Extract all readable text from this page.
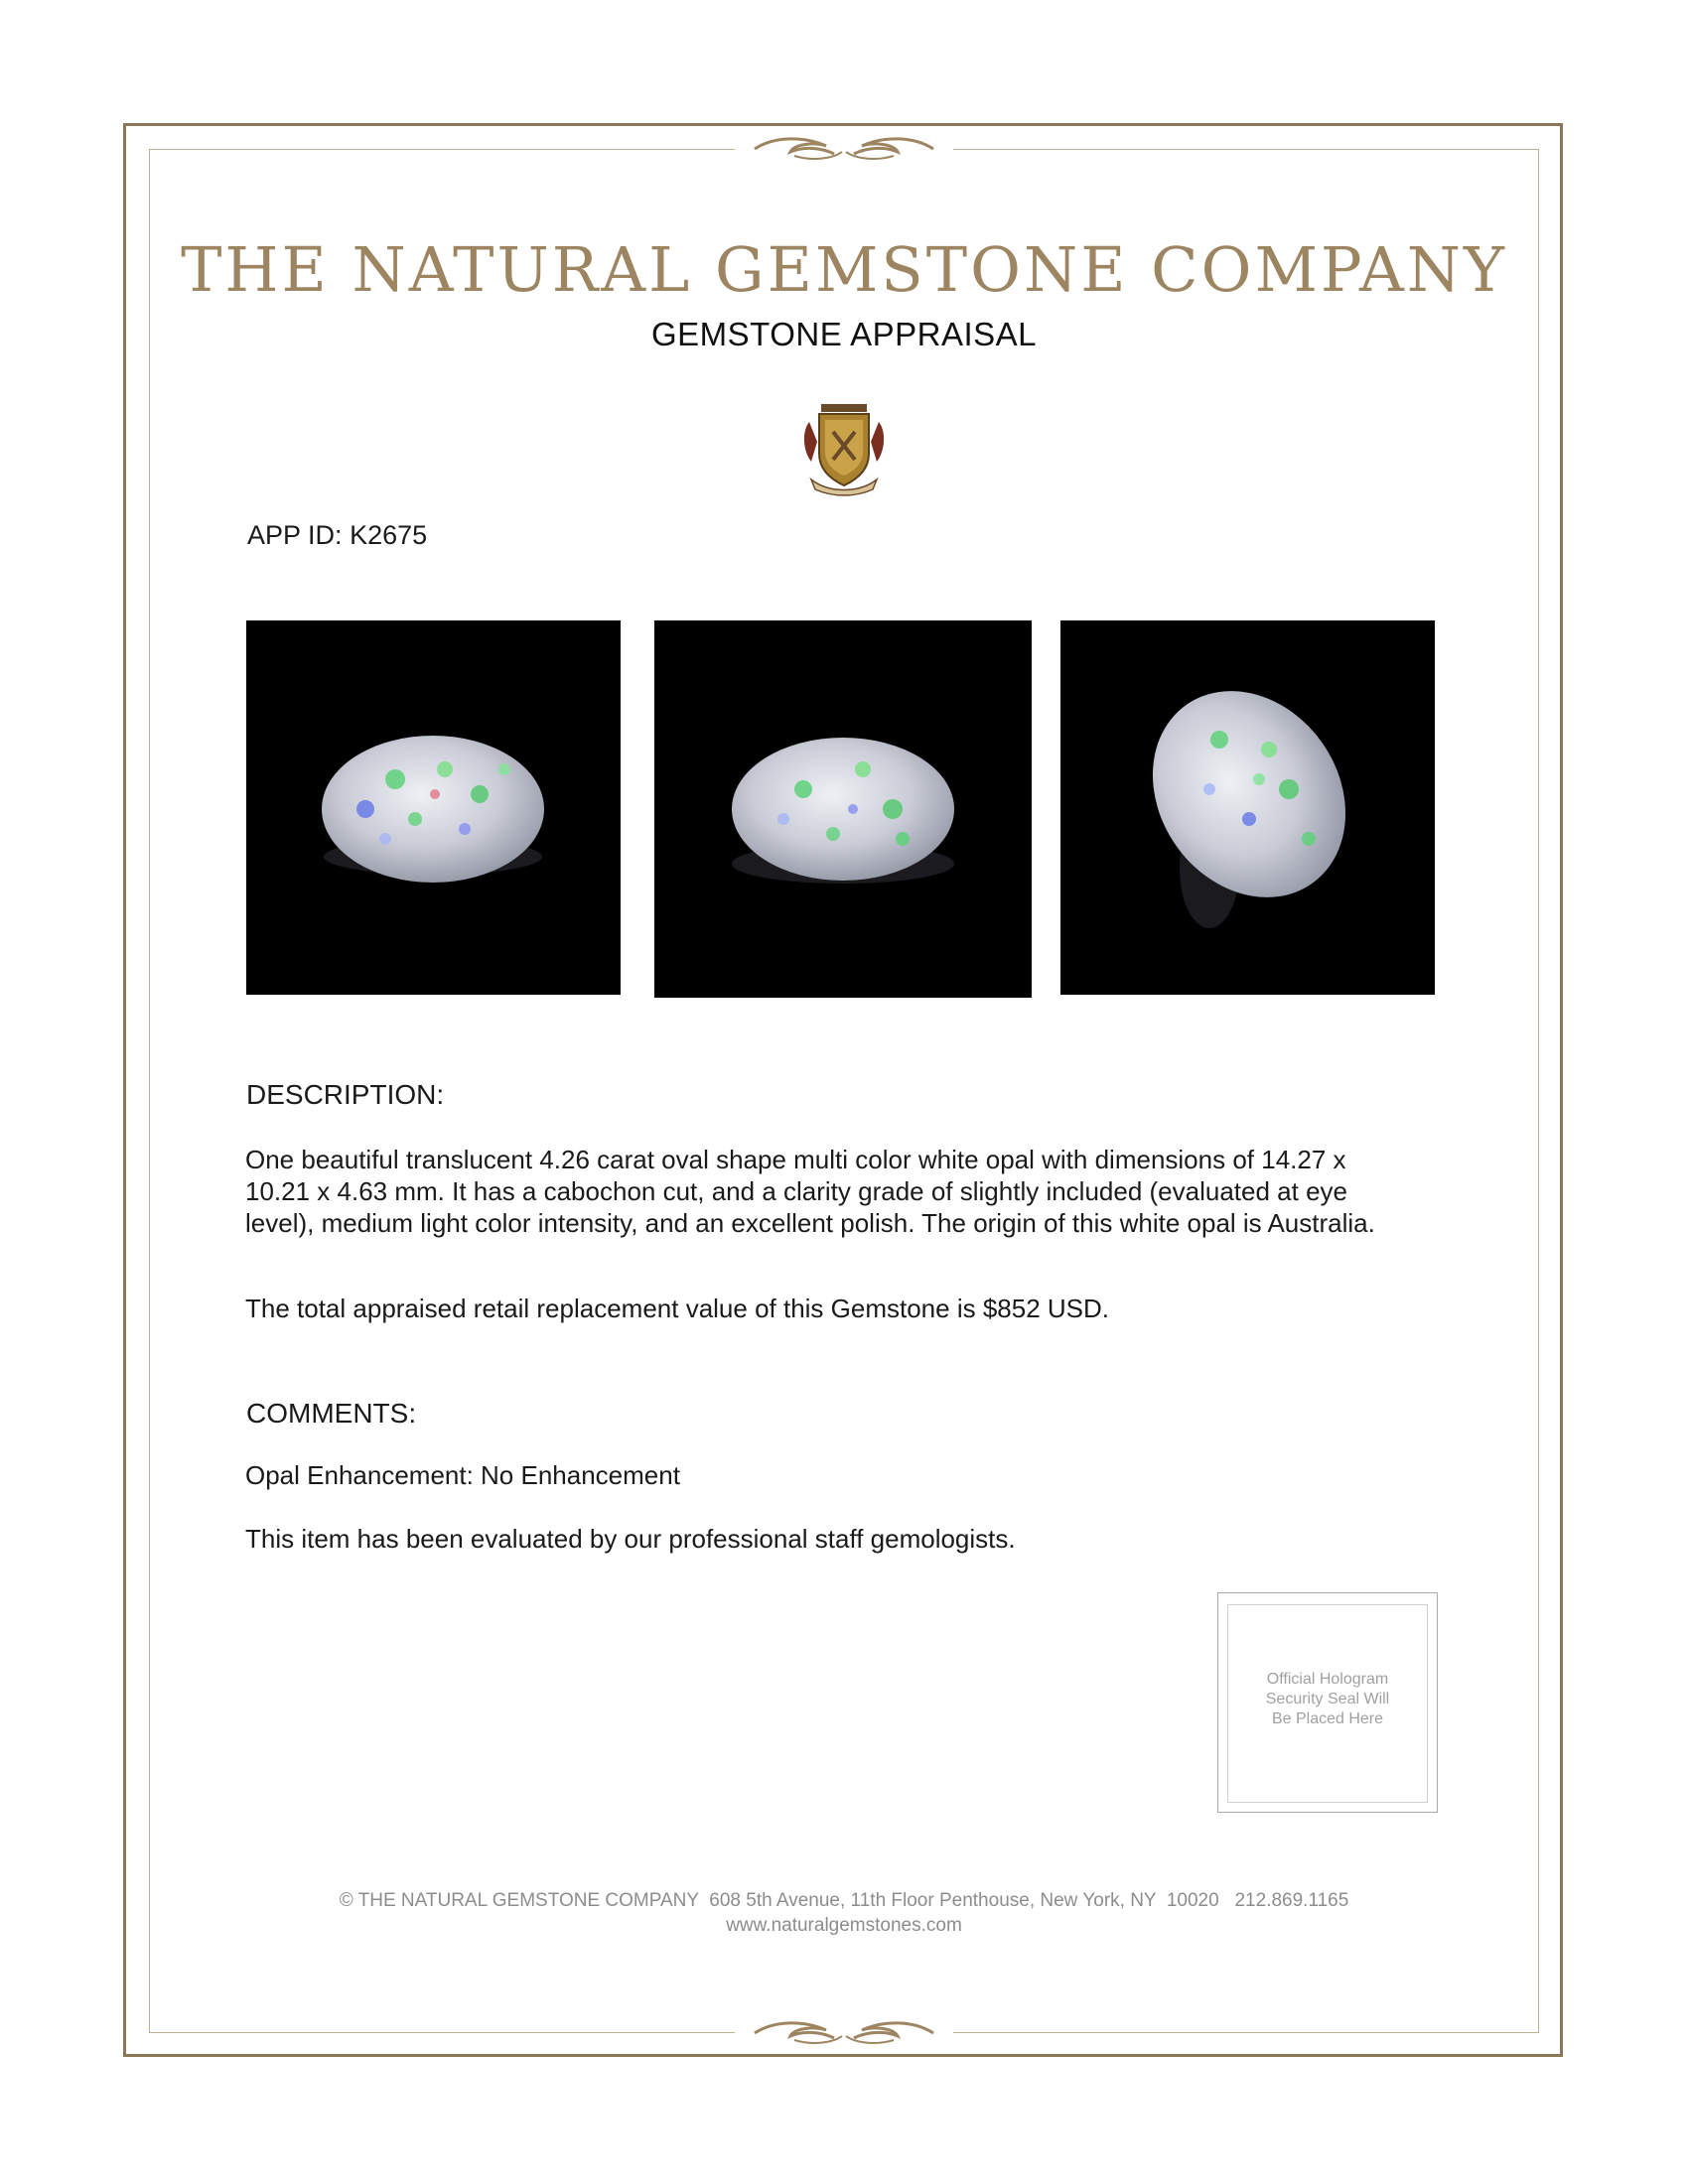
THE NATURAL GEMSTONE COMPANY
GEMSTONE APPRAISAL
APP ID: K2675
DESCRIPTION:
One beautiful translucent 4.26 carat oval shape multi color white opal with dimensions of 14.27 x
10.21 x 4.63 mm. It has a cabochon cut, and a clarity grade of slightly included (evaluated at eye
level), medium light color intensity, and an excellent polish. The origin of this white opal is Australia.
The total appraised retail replacement value of this Gemstone is $852 USD.
COMMENTS:
Opal Enhancement: No Enhancement
This item has been evaluated by our professional staff gemologists.
Official Hologram
Security Seal Will
Be Placed Here
© THE NATURAL GEMSTONE COMPANY  608 5th Avenue, 11th Floor Penthouse, New York, NY  10020   212.869.1165
www.naturalgemstones.com
